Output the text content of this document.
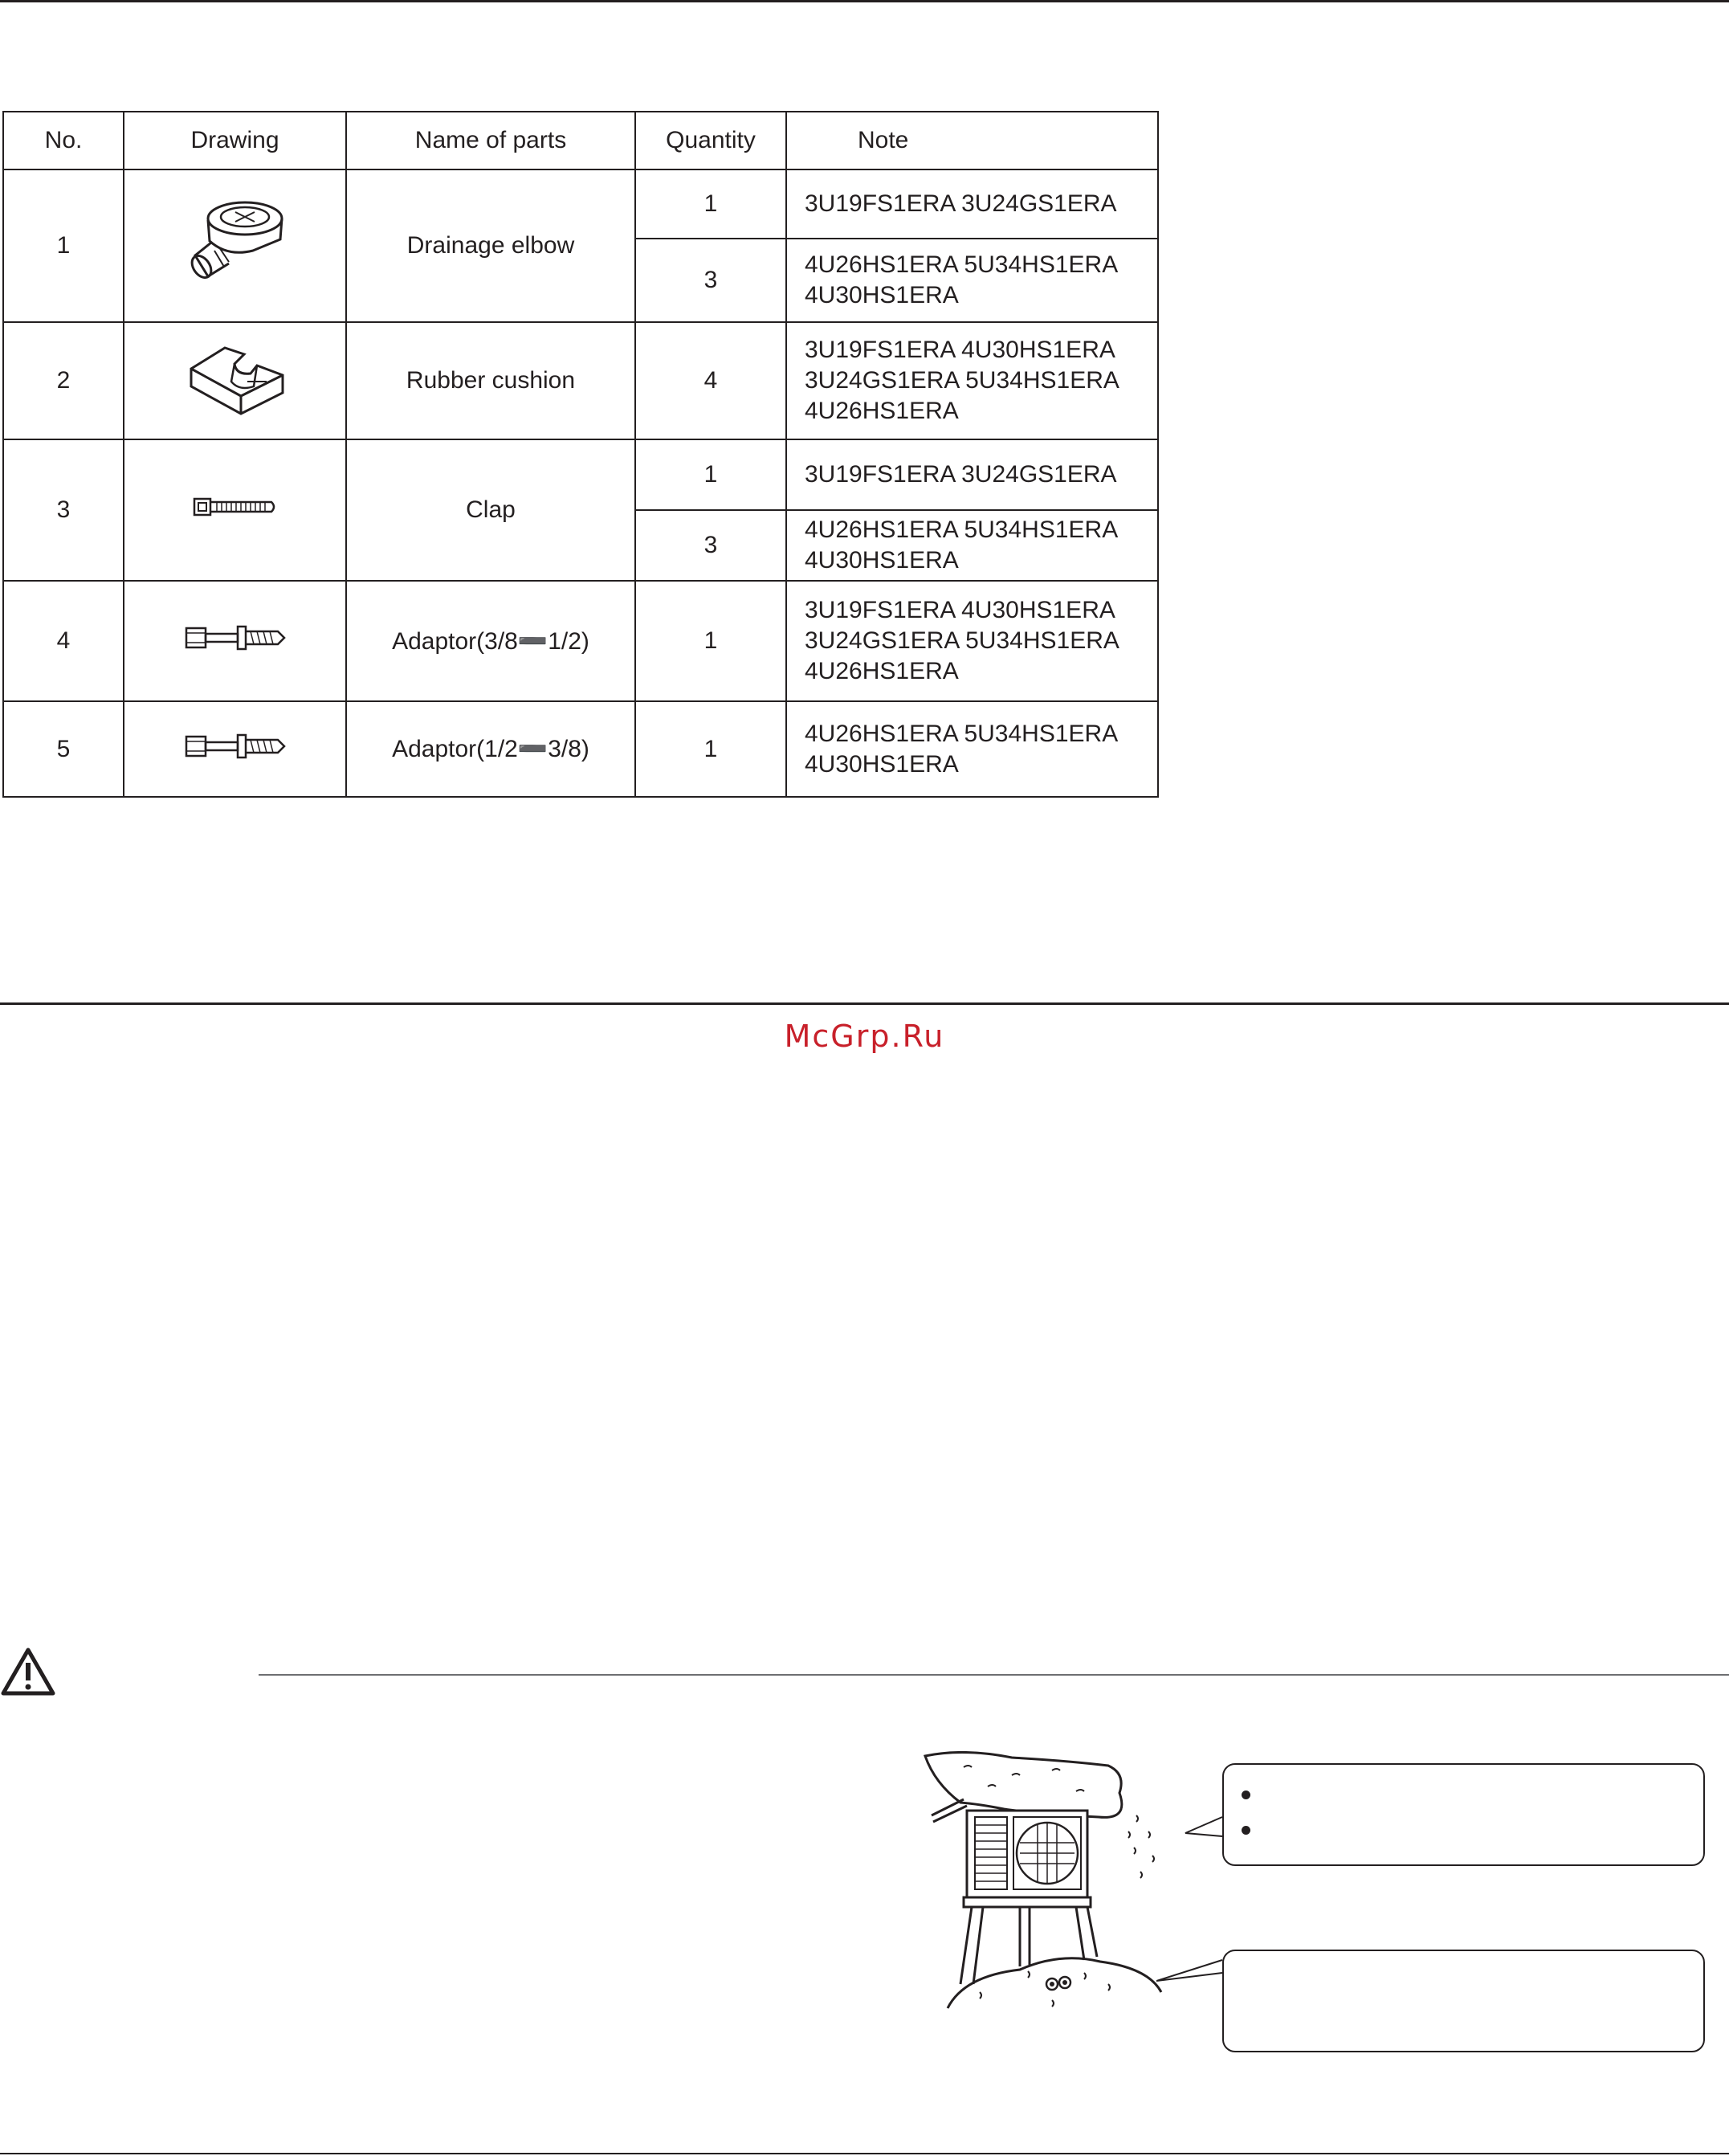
No.	Drawing	Name of parts	Quantity	Note
1		Drainage elbow	1	3U19FS1ERA 3U24GS1ERA

			3	4U26HS1ERA 5U34HS1ERA
4U30HS1ERA

2		Rubber cushion	4	3U19FS1ERA 4U30HS1ERA
3U24GS1ERA 5U34HS1ERA
4U26HS1ERA

3		Clap	1	3U19FS1ERA 3U24GS1ERA

			3	4U26HS1ERA 5U34HS1ERA
4U30HS1ERA

4		Adaptor(3/8➖1/2)	1	3U19FS1ERA 4U30HS1ERA
3U24GS1ERA 5U34HS1ERA
4U26HS1ERA

5		Adaptor(1/2➖3/8)	1	4U26HS1ERA 5U34HS1ERA
4U30HS1ERA
McGrp.Ru
